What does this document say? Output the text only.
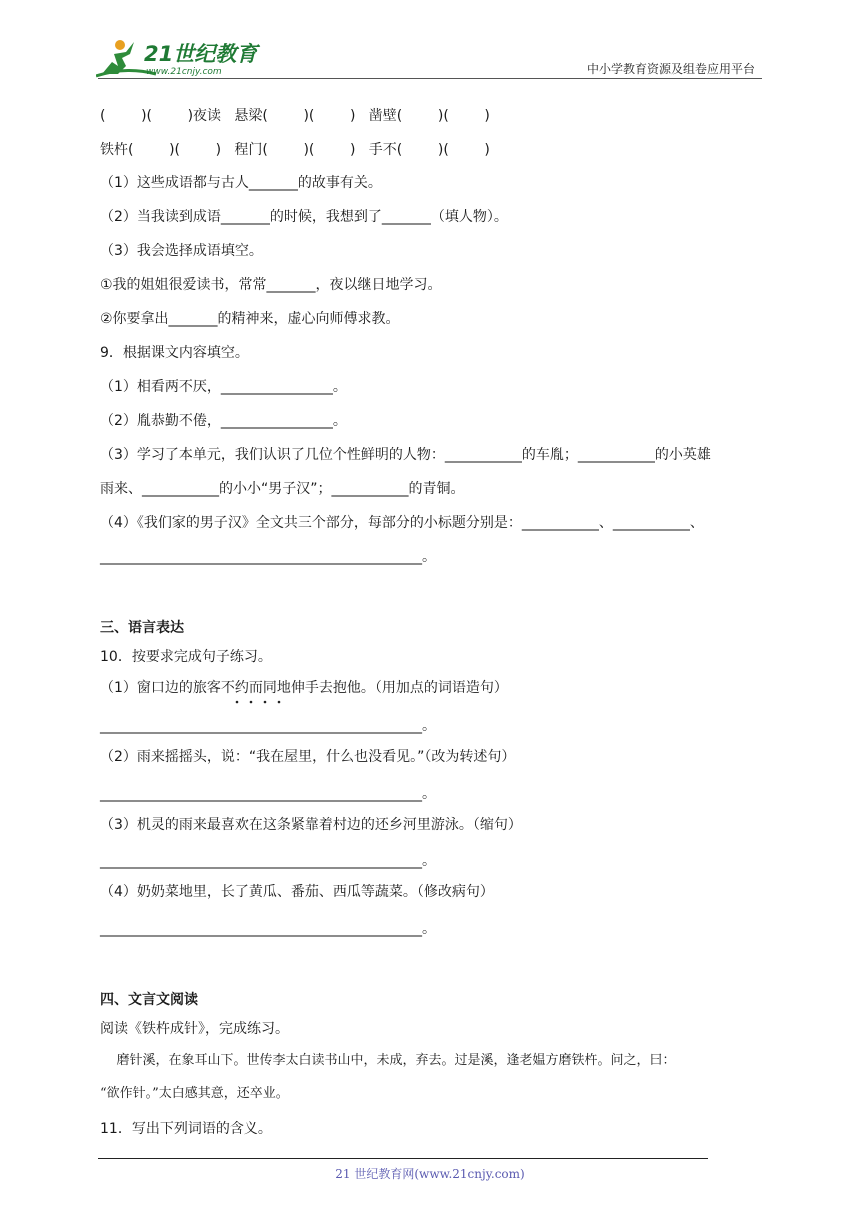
21世纪教育
www.21cnjy.com	中小学教育资源及组卷应用平台
(        )(        )夜读   悬梁(        )(        )   凿壁(        )(        )
铁杵(        )(        )   程门(        )(        )   手不(        )(        )
（1）这些成语都与古人_______的故事有关。
（2）当我读到成语_______的时候，我想到了_______（填人物）。
（3）我会选择成语填空。
①我的姐姐很爱读书，常常_______，夜以继日地学习。
②你要拿出_______的精神来，虚心向师傅求教。
9．根据课文内容填空。
（1）相看两不厌，________________。
（2）胤恭勤不倦，________________。
（3）学习了本单元，我们认识了几位个性鲜明的人物：___________的车胤；___________的小英雄
雨来、___________的小小“男子汉”；___________的青铜。
（4）《我们家的男子汉》全文共三个部分，每部分的小标题分别是：___________、___________、
______________________________________________。
三、语言表达
10．按要求完成句子练习。
（1）窗口边的旅客不约而同地伸手去抱他。（用加点的词语造句）
______________________________________________。
（2）雨来摇摇头，说：“我在屋里，什么也没看见。”（改为转述句）
______________________________________________。
（3）机灵的雨来最喜欢在这条紧靠着村边的还乡河里游泳。（缩句）
______________________________________________。
（4）奶奶菜地里，长了黄瓜、番茄、西瓜等蔬菜。（修改病句）
______________________________________________。
四、文言文阅读
阅读《铁杵成针》，完成练习。
磨针溪，在象耳山下。世传李太白读书山中，未成，弃去。过是溪，逢老媪方磨铁杵。问之，曰：
“欲作针。”太白感其意，还卒业。
11．写出下列词语的含义。
21 世纪教育网(www.21cnjy.com)
